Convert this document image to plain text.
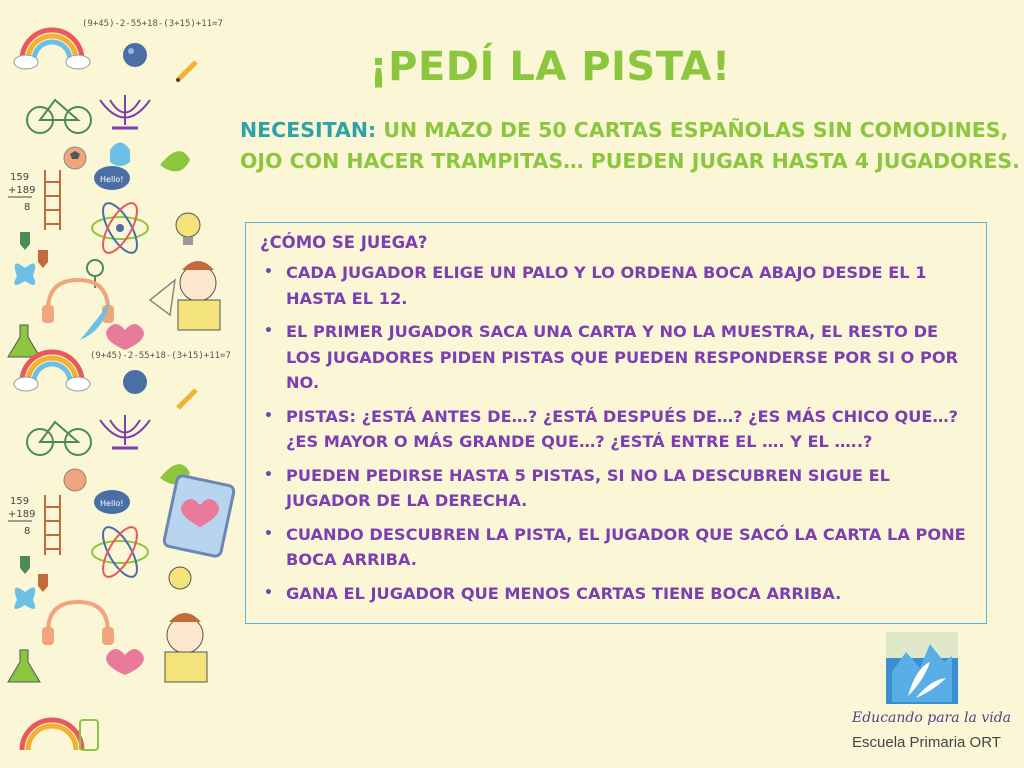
(9+45)-2-55+18-(3+15)+11=7
159
+189
8
Hello!
(9+45)-2-55+18-(3+15)+11=7
159
+189
8
Hello!
¡PEDÍ LA PISTA!
NECESITAN: UN MAZO DE 50 CARTAS ESPAÑOLAS SIN COMODINES,
OJO CON HACER TRAMPITAS… PUEDEN JUGAR HASTA 4 JUGADORES.
¿CÓMO SE JUEGA?
• CADA JUGADOR ELIGE UN PALO Y LO ORDENA BOCA ABAJO DESDE EL 1 HASTA EL 12.
• EL PRIMER JUGADOR SACA UNA CARTA Y NO LA MUESTRA, EL RESTO DE LOS JUGADORES PIDEN PISTAS QUE PUEDEN RESPONDERSE POR SI O POR NO.
• PISTAS: ¿ESTÁ ANTES DE…? ¿ESTÁ DESPUÉS DE…? ¿ES MÁS CHICO QUE…? ¿ES MAYOR O MÁS GRANDE QUE…? ¿ESTÁ ENTRE EL …. Y EL …..?
• PUEDEN PEDIRSE HASTA 5 PISTAS, SI NO LA DESCUBREN SIGUE EL JUGADOR DE LA DERECHA.
• CUANDO DESCUBREN LA PISTA, EL JUGADOR QUE SACÓ LA CARTA LA PONE BOCA ARRIBA.
• GANA EL JUGADOR QUE MENOS CARTAS TIENE BOCA ARRIBA.
Educando para la vida
Escuela Primaria ORT
